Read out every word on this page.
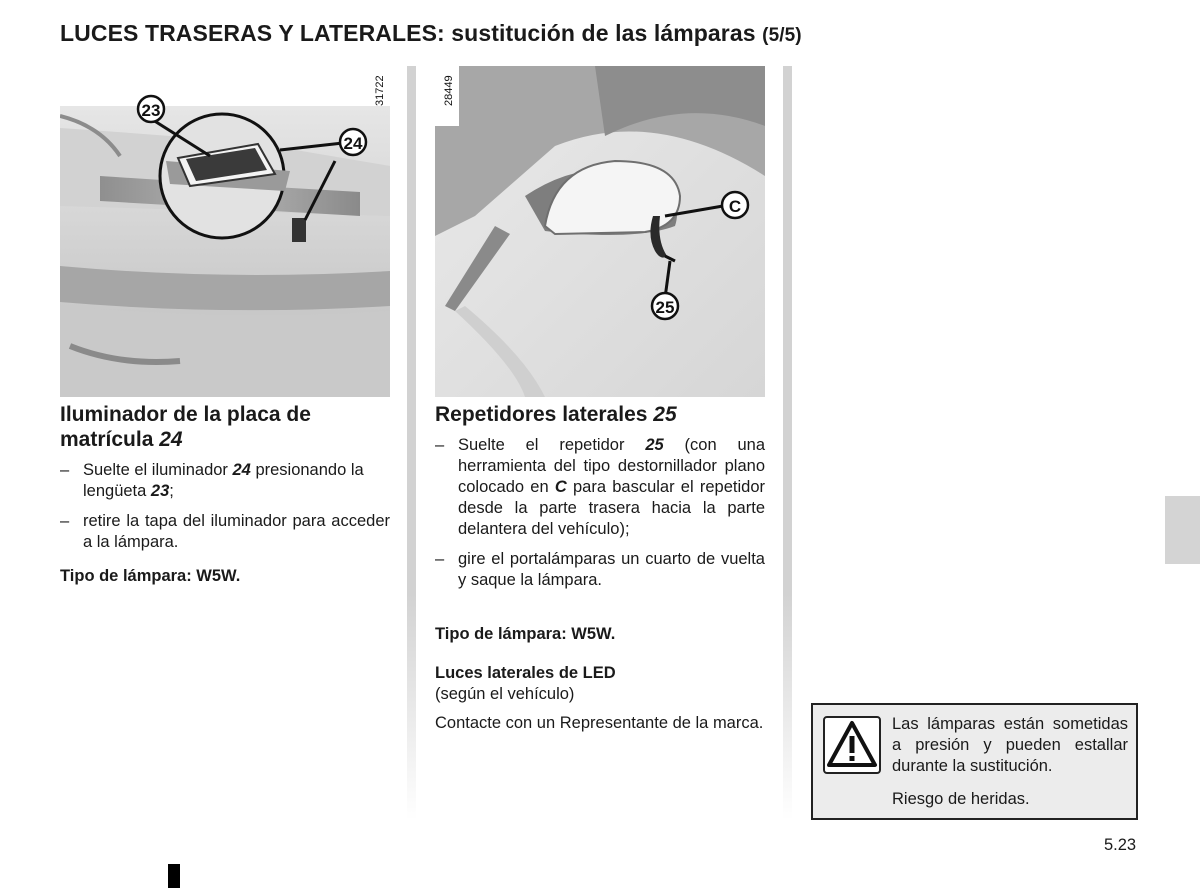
LUCES TRASERAS Y LATERALES: sustitución de las lámparas (5/5)
23
24
31722
Iluminador de la placa de matrícula 24
– Suelte el iluminador 24 presionando la lengüeta 23;
– retire la tapa del iluminador para acceder a la lámpara.
Tipo de lámpara: W5W.
C
25
28449
Repetidores laterales 25
– Suelte el repetidor 25 (con una herramienta del tipo destornillador plano colocado en C para bascular el repetidor desde la parte trasera hacia la parte delantera del vehículo);
– gire el portalámparas un cuarto de vuelta y saque la lámpara.
Tipo de lámpara: W5W.
Luces laterales de LED
(según el vehículo)
Contacte con un Representante de la marca.	Las lámparas están sometidas a presión y pueden estallar durante la sustitución.
Riesgo de heridas.
5.23
